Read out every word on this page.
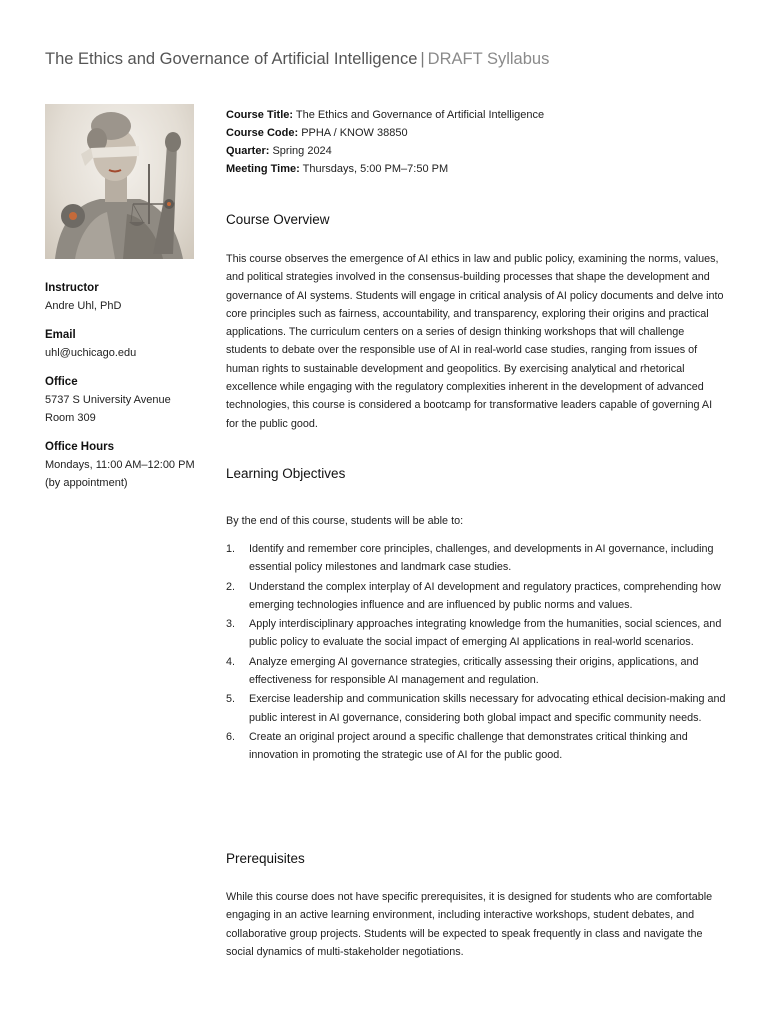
The Ethics and Governance of Artificial Intelligence | DRAFT Syllabus
Instructor
Andre Uhl, PhD
Email
uhl@uchicago.edu
Office
5737 S University Avenue
Room 309
Office Hours
Mondays, 11:00 AM–12:00 PM
(by appointment)
Course Title: The Ethics and Governance of Artificial Intelligence
Course Code: PPHA / KNOW 38850
Quarter: Spring 2024
Meeting Time: Thursdays, 5:00 PM–7:50 PM
Course Overview
This course observes the emergence of AI ethics in law and public policy, examining the norms, values, and political strategies involved in the consensus-building processes that shape the development and governance of AI systems. Students will engage in critical analysis of AI policy documents and delve into core principles such as fairness, accountability, and transparency, exploring their origins and practical applications. The curriculum centers on a series of design thinking workshops that will challenge students to debate over the responsible use of AI in real-world case studies, ranging from issues of human rights to sustainable development and geopolitics. By exercising analytical and rhetorical excellence while engaging with the regulatory complexities inherent in the development of advanced technologies, this course is considered a bootcamp for transformative leaders capable of governing AI for the public good.
Learning Objectives
By the end of this course, students will be able to:
1. Identify and remember core principles, challenges, and developments in AI governance, including essential policy milestones and landmark case studies.
2. Understand the complex interplay of AI development and regulatory practices, comprehending how emerging technologies influence and are influenced by public norms and values.
3. Apply interdisciplinary approaches integrating knowledge from the humanities, social sciences, and public policy to evaluate the social impact of emerging AI applications in real-world scenarios.
4. Analyze emerging AI governance strategies, critically assessing their origins, applications, and effectiveness for responsible AI management and regulation.
5. Exercise leadership and communication skills necessary for advocating ethical decision-making and public interest in AI governance, considering both global impact and specific community needs.
6. Create an original project around a specific challenge that demonstrates critical thinking and innovation in promoting the strategic use of AI for the public good.
Prerequisites
While this course does not have specific prerequisites, it is designed for students who are comfortable engaging in an active learning environment, including interactive workshops, student debates, and collaborative group projects. Students will be expected to speak frequently in class and navigate the social dynamics of multi-stakeholder negotiations.
